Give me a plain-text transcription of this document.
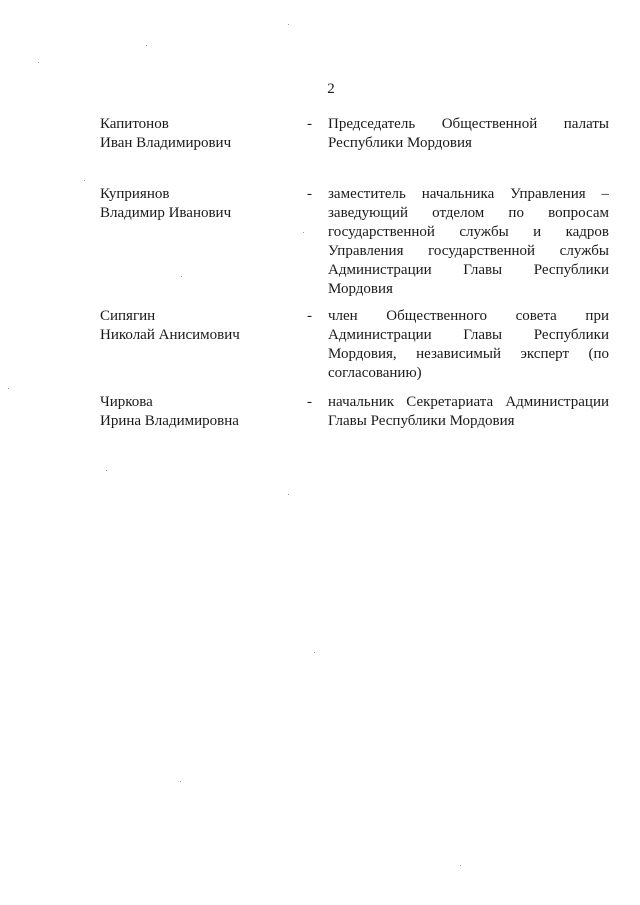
2
Капитонов
Иван Владимирович
-	Председатель Общественной палаты
Республики Мордовия
Куприянов
Владимир Иванович
-	заместитель начальника Управления –
заведующий отделом по вопросам
государственной службы и кадров
Управления государственной службы
Администрации Главы Республики
Мордовия
Сипягин
Николай Анисимович
-	член Общественного совета при
Администрации Главы Республики
Мордовия, независимый эксперт (по
согласованию)
Чиркова
Ирина Владимировна
-	начальник Секретариата Администрации
Главы Республики Мордовия
